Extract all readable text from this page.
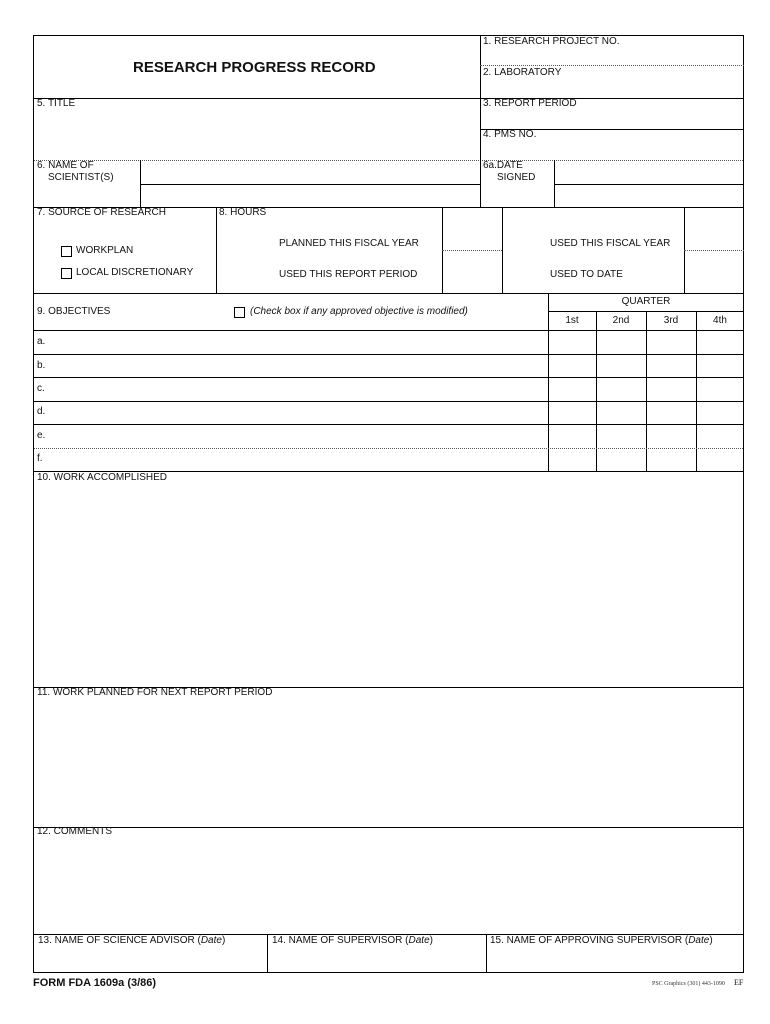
RESEARCH PROGRESS RECORD
1. RESEARCH PROJECT NO.
2. LABORATORY
5. TITLE	3. REPORT PERIOD
4. PMS NO.
6. NAME OF
SCIENTIST(S)
6a.DATE
SIGNED
7. SOURCE OF RESEARCH
WORKPLAN
LOCAL DISCRETIONARY
8. HOURS
PLANNED THIS FISCAL YEAR
USED THIS REPORT PERIOD
USED THIS FISCAL YEAR
USED TO DATE
9. OBJECTIVES	(Check box if any approved objective is modified)
QUARTER
1st	2nd	3rd	4th
a.
b.
c.
d.
e.
f.
10. WORK ACCOMPLISHED
11. WORK PLANNED FOR NEXT REPORT PERIOD
12. COMMENTS
13. NAME OF SCIENCE ADVISOR (Date)	14. NAME OF SUPERVISOR (Date)	15. NAME OF APPROVING SUPERVISOR (Date)
FORM FDA 1609a (3/86)	PSC Graphics (301) 443-1090 EF
